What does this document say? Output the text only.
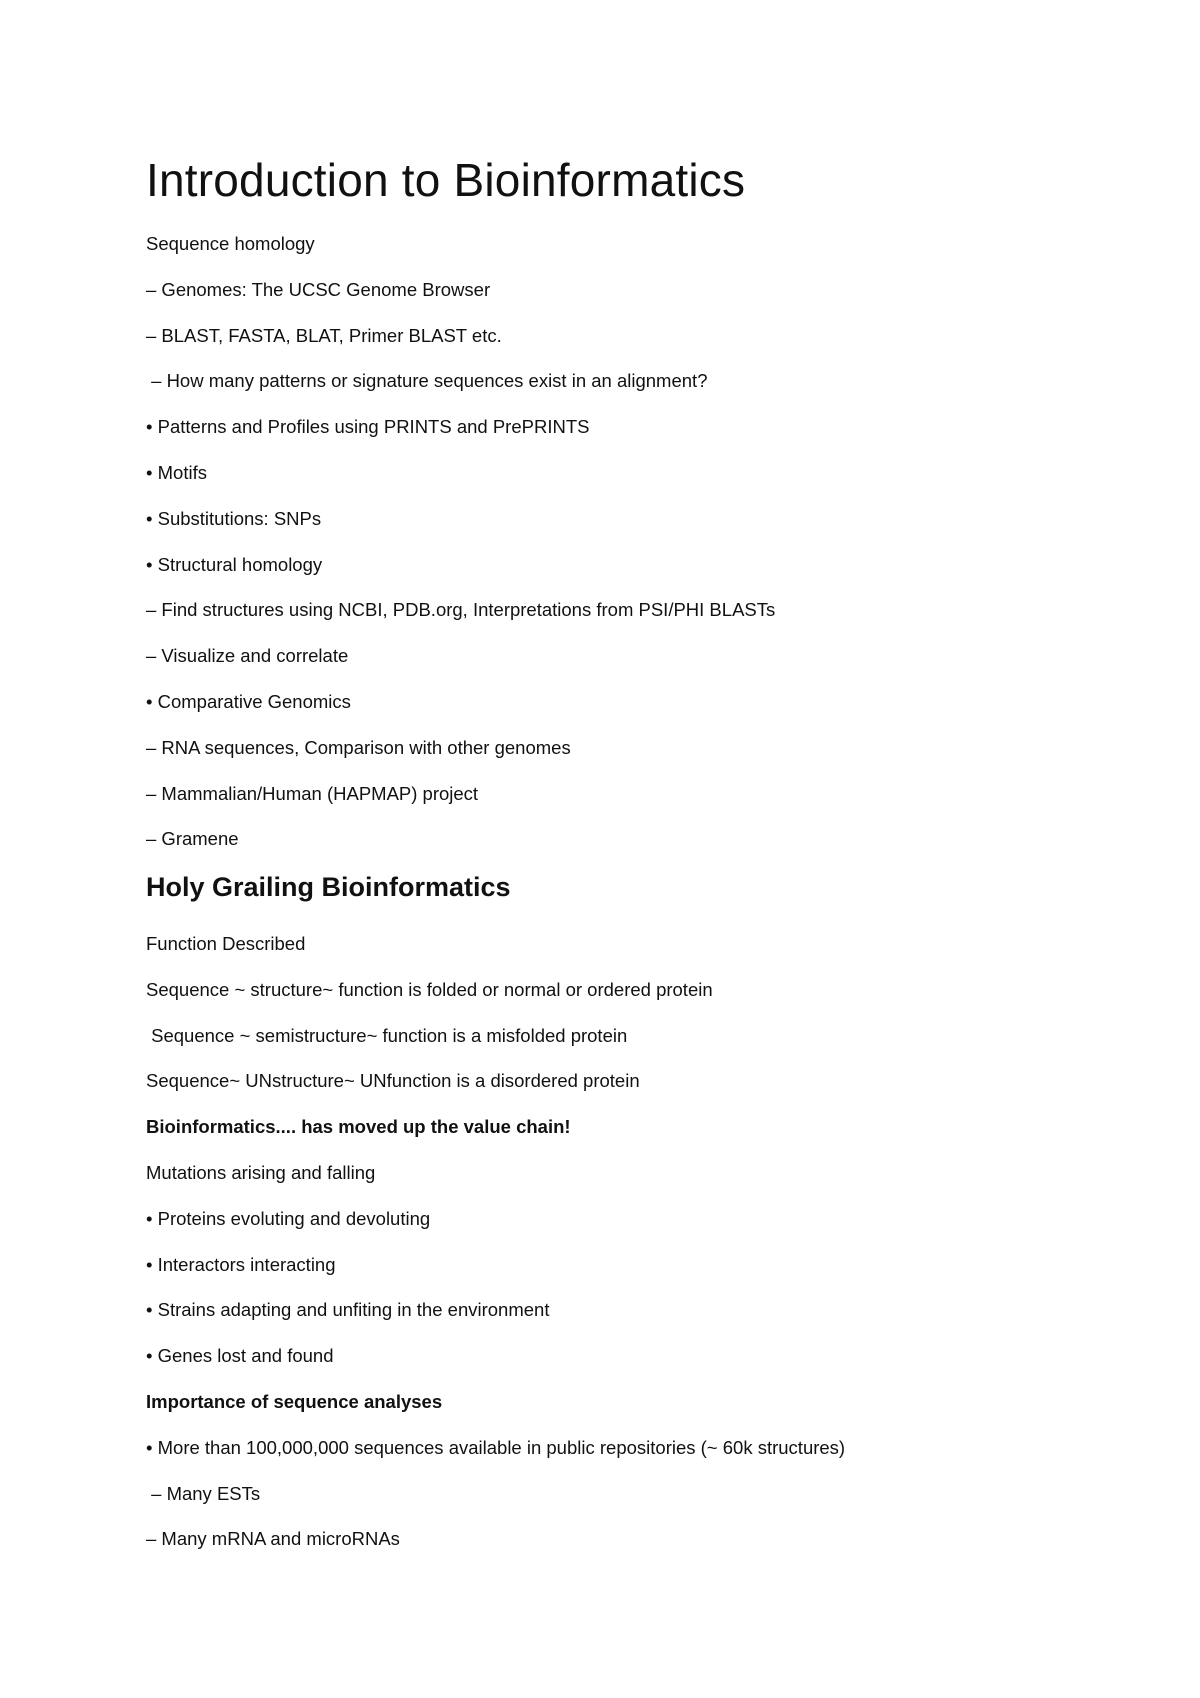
Introduction to Bioinformatics

Sequence homology

– Genomes: The UCSC Genome Browser

– BLAST, FASTA, BLAT, Primer BLAST etc.

– How many patterns or signature sequences exist in an alignment?

• Patterns and Profiles using PRINTS and PrePRINTS

• Motifs

• Substitutions: SNPs

• Structural homology

– Find structures using NCBI, PDB.org, Interpretations from PSI/PHI BLASTs

– Visualize and correlate

• Comparative Genomics

– RNA sequences, Comparison with other genomes

– Mammalian/Human (HAPMAP) project

– Gramene

Holy Grailing Bioinformatics

Function Described

Sequence ~ structure~ function is folded or normal or ordered protein

Sequence ~ semistructure~ function is a misfolded protein

Sequence~ UNstructure~ UNfunction is a disordered protein

Bioinformatics.... has moved up the value chain!

Mutations arising and falling

• Proteins evoluting and devoluting

• Interactors interacting

• Strains adapting and unfiting in the environment

• Genes lost and found

Importance of sequence analyses

• More than 100,000,000 sequences available in public repositories (~ 60k structures)

– Many ESTs

– Many mRNA and microRNAs
